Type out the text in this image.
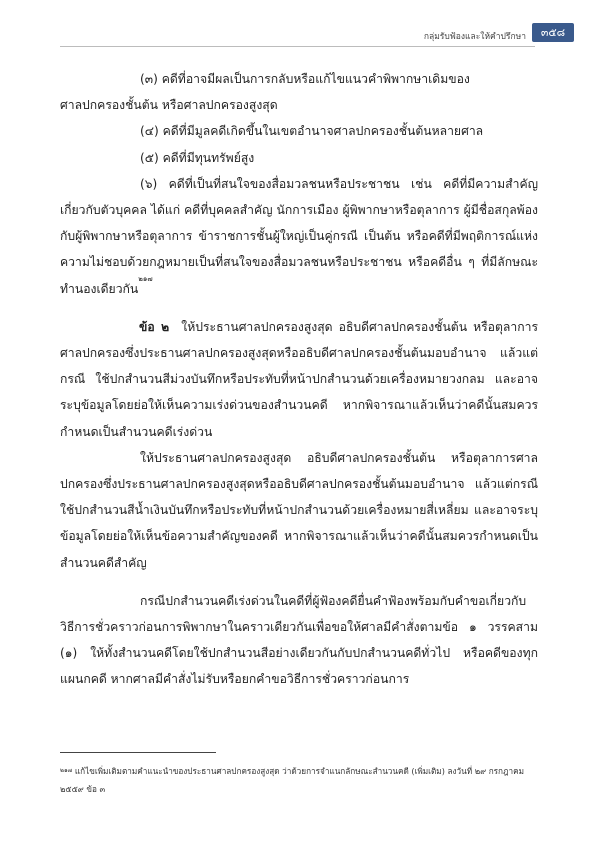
กลุ่มรับฟ้องและให้คำปรึกษา	๓๕๘

(๓) คดีที่อาจมีผลเป็นการกลับหรือแก้ไขแนวคำพิพากษาเดิมของ

ศาลปกครองชั้นต้น หรือศาลปกครองสูงสุด

(๔) คดีที่มีมูลคดีเกิดขึ้นในเขตอำนาจศาลปกครองชั้นต้นหลายศาล

(๕) คดีที่มีทุนทรัพย์สูง

(๖) คดีที่เป็นที่สนใจของสื่อมวลชนหรือประชาชน เช่น คดีที่มีความสำคัญเกี่ยวกับตัวบุคคล ได้แก่ คดีที่บุคคลสำคัญ นักการเมือง ผู้พิพากษาหรือตุลาการ ผู้มีชื่อสกุลพ้องกับผู้พิพากษาหรือตุลาการ ข้าราชการชั้นผู้ใหญ่เป็นคู่กรณี เป็นต้น หรือคดีที่มีพฤติการณ์แห่งความไม่ชอบด้วยกฎหมายเป็นที่สนใจของสื่อมวลชนหรือประชาชน หรือคดีอื่น ๆ ที่มีลักษณะทำนองเดียวกัน$^{๒๑๗}$

ข้อ ๒ ให้ประธานศาลปกครองสูงสุด อธิบดีศาลปกครองชั้นต้น หรือตุลาการศาลปกครองซึ่งประธานศาลปกครองสูงสุดหรืออธิบดีศาลปกครองชั้นต้นมอบอำนาจ แล้วแต่กรณี ใช้ปกสำนวนสีม่วงบันทึกหรือประทับที่หน้าปกสำนวนด้วยเครื่องหมายวงกลม และอาจระบุข้อมูลโดยย่อให้เห็นความเร่งด่วนของสำนวนคดี หากพิจารณาแล้วเห็นว่าคดีนั้นสมควรกำหนดเป็นสำนวนคดีเร่งด่วน

ให้ประธานศาลปกครองสูงสุด อธิบดีศาลปกครองชั้นต้น หรือตุลาการศาลปกครองซึ่งประธานศาลปกครองสูงสุดหรืออธิบดีศาลปกครองชั้นต้นมอบอำนาจ แล้วแต่กรณี ใช้ปกสำนวนสีน้ำเงินบันทึกหรือประทับที่หน้าปกสำนวนด้วยเครื่องหมายสี่เหลี่ยม และอาจระบุข้อมูลโดยย่อให้เห็นข้อความสำคัญของคดี หากพิจารณาแล้วเห็นว่าคดีนั้นสมควรกำหนดเป็นสำนวนคดีสำคัญ

กรณีปกสำนวนคดีเร่งด่วนในคดีที่ผู้ฟ้องคดียื่นคำฟ้องพร้อมกับคำขอเกี่ยวกับวิธีการชั่วคราวก่อนการพิพากษาในคราวเดียวกันเพื่อขอให้ศาลมีคำสั่งตามข้อ ๑ วรรคสาม (๑) ให้ทั้งสำนวนคดีโดยใช้ปกสำนวนสีอย่างเดียวกันกับปกสำนวนคดีทั่วไป หรือคดีของทุกแผนกคดี หากศาลมีคำสั่งไม่รับหรือยกคำขอวิธีการชั่วคราวก่อนการ

$^{๒๑๗}$ แก้ไขเพิ่มเติมตามคำแนะนำของประธานศาลปกครองสูงสุด ว่าด้วยการจำแนกลักษณะสำนวนคดี (เพิ่มเติม) ลงวันที่ ๒๙ กรกฎาคม ๒๕๕๙ ข้อ ๓
